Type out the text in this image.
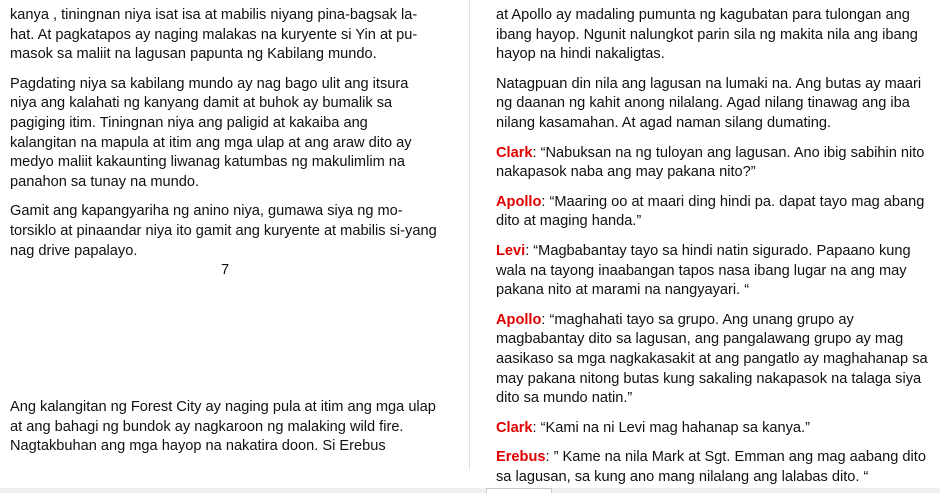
kanya , tiningnan niya isat isa at mabilis niyang pina-bagsak la-hat. At pagkatapos ay naging malakas na kuryente si Yin at pu-masok sa maliit na lagusan papunta ng Kabilang mundo.

Pagdating niya sa kabilang mundo ay nag bago ulit ang itsura niya ang kalahati ng kanyang damit at buhok ay bumalik sa pagiging itim. Tiningnan niya ang paligid at kakaiba ang kalangitan na mapula at itim ang mga ulap at ang araw dito ay medyo maliit kakaunting liwanag katumbas ng makulimlim na panahon sa tunay na mundo.

Gamit ang kapangyariha ng anino niya, gumawa siya ng mo-torsiklo at pinaandar niya ito gamit ang kuryente at mabilis si-yang nag drive papalayo.

7

Ang kalangitan ng Forest City ay naging pula at itim ang mga ulap at ang bahagi ng bundok ay nagkaroon ng malaking wild fire. Nagtakbuhan ang mga hayop na nakatira doon. Si Erebus

at Apollo ay madaling pumunta ng kagubatan para tulongan ang ibang hayop. Ngunit nalungkot parin sila ng makita nila ang ibang hayop na hindi nakaligtas.

Natagpuan din nila ang lagusan na lumaki na. Ang butas ay maari ng daanan ng kahit anong nilalang. Agad nilang tinawag ang iba nilang kasamahan. At agad naman silang dumating.

Clark: “Nabuksan na ng tuloyan ang lagusan. Ano ibig sabihin nito nakapasok naba ang may pakana nito?”

Apollo: “Maaring oo at maari ding hindi pa. dapat tayo mag abang dito at maging handa.”

Levi: “Magbabantay tayo sa hindi natin sigurado. Papaano kung wala na tayong inaabangan tapos nasa ibang lugar na ang may pakana nito at marami na nangyayari. “

Apollo: “maghahati tayo sa grupo. Ang unang grupo ay magbabantay dito sa lagusan, ang pangalawang grupo ay mag aasikaso sa mga nagkakasakit at ang pangatlo ay maghahanap sa may pakana nitong butas kung sakaling nakapasok na talaga siya dito sa mundo natin.”

Clark: “Kami na ni Levi mag hahanap sa kanya.”

Erebus: ” Kame na nila Mark at Sgt. Emman ang mag aabang dito sa lagusan, sa kung ano mang nilalang ang lalabas dito. “
